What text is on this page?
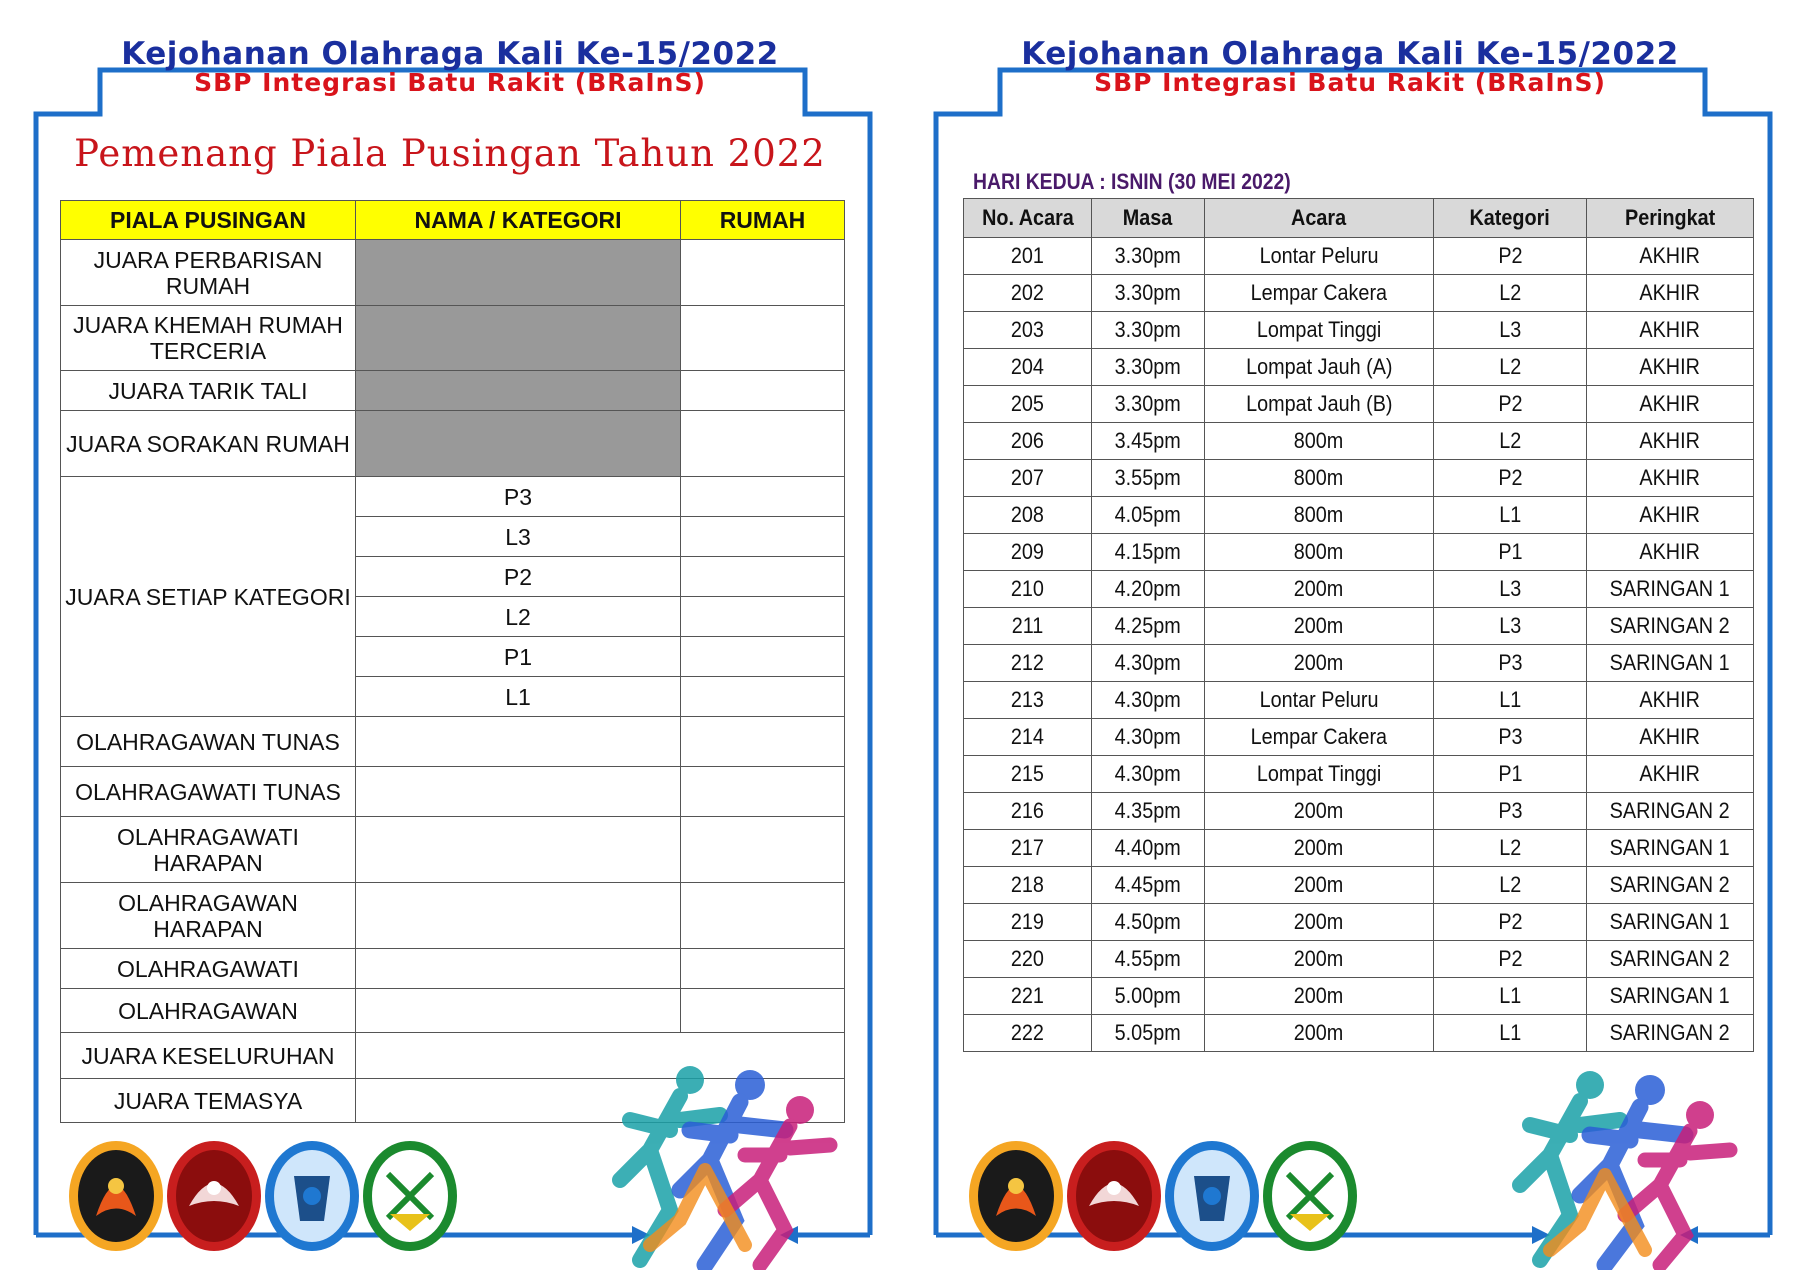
Kejohanan Olahraga Kali Ke-15/2022
SBP Integrasi Batu Rakit (BRaInS)
Pemenang Piala Pusingan Tahun 2022
PIALA PUSINGAN	NAMA / KATEGORI	RUMAH
JUARA PERBARISAN RUMAH		
JUARA KHEMAH RUMAH TERCERIA		
JUARA TARIK TALI		
JUARA SORAKAN RUMAH		
JUARA SETIAP KATEGORI	P3	
	L3	
	P2	
	L2	
	P1	
	L1	
OLAHRAGAWAN TUNAS		
OLAHRAGAWATI TUNAS		
OLAHRAGAWATI HARAPAN		
OLAHRAGAWAN HARAPAN		
OLAHRAGAWATI		
OLAHRAGAWAN		
JUARA KESELURUHAN		
JUARA TEMASYA		
Kejohanan Olahraga Kali Ke-15/2022
SBP Integrasi Batu Rakit (BRaInS)
HARI KEDUA : ISNIN (30 MEI 2022)
No. Acara	Masa	Acara	Kategori	Peringkat
201	3.30pm	Lontar Peluru	P2	AKHIR
202	3.30pm	Lempar Cakera	L2	AKHIR
203	3.30pm	Lompat Tinggi	L3	AKHIR
204	3.30pm	Lompat Jauh (A)	L2	AKHIR
205	3.30pm	Lompat Jauh (B)	P2	AKHIR
206	3.45pm	800m	L2	AKHIR
207	3.55pm	800m	P2	AKHIR
208	4.05pm	800m	L1	AKHIR
209	4.15pm	800m	P1	AKHIR
210	4.20pm	200m	L3	SARINGAN 1
211	4.25pm	200m	L3	SARINGAN 2
212	4.30pm	200m	P3	SARINGAN 1
213	4.30pm	Lontar Peluru	L1	AKHIR
214	4.30pm	Lempar Cakera	P3	AKHIR
215	4.30pm	Lompat Tinggi	P1	AKHIR
216	4.35pm	200m	P3	SARINGAN 2
217	4.40pm	200m	L2	SARINGAN 1
218	4.45pm	200m	L2	SARINGAN 2
219	4.50pm	200m	P2	SARINGAN 1
220	4.55pm	200m	P2	SARINGAN 2
221	5.00pm	200m	L1	SARINGAN 1
222	5.05pm	200m	L1	SARINGAN 2
